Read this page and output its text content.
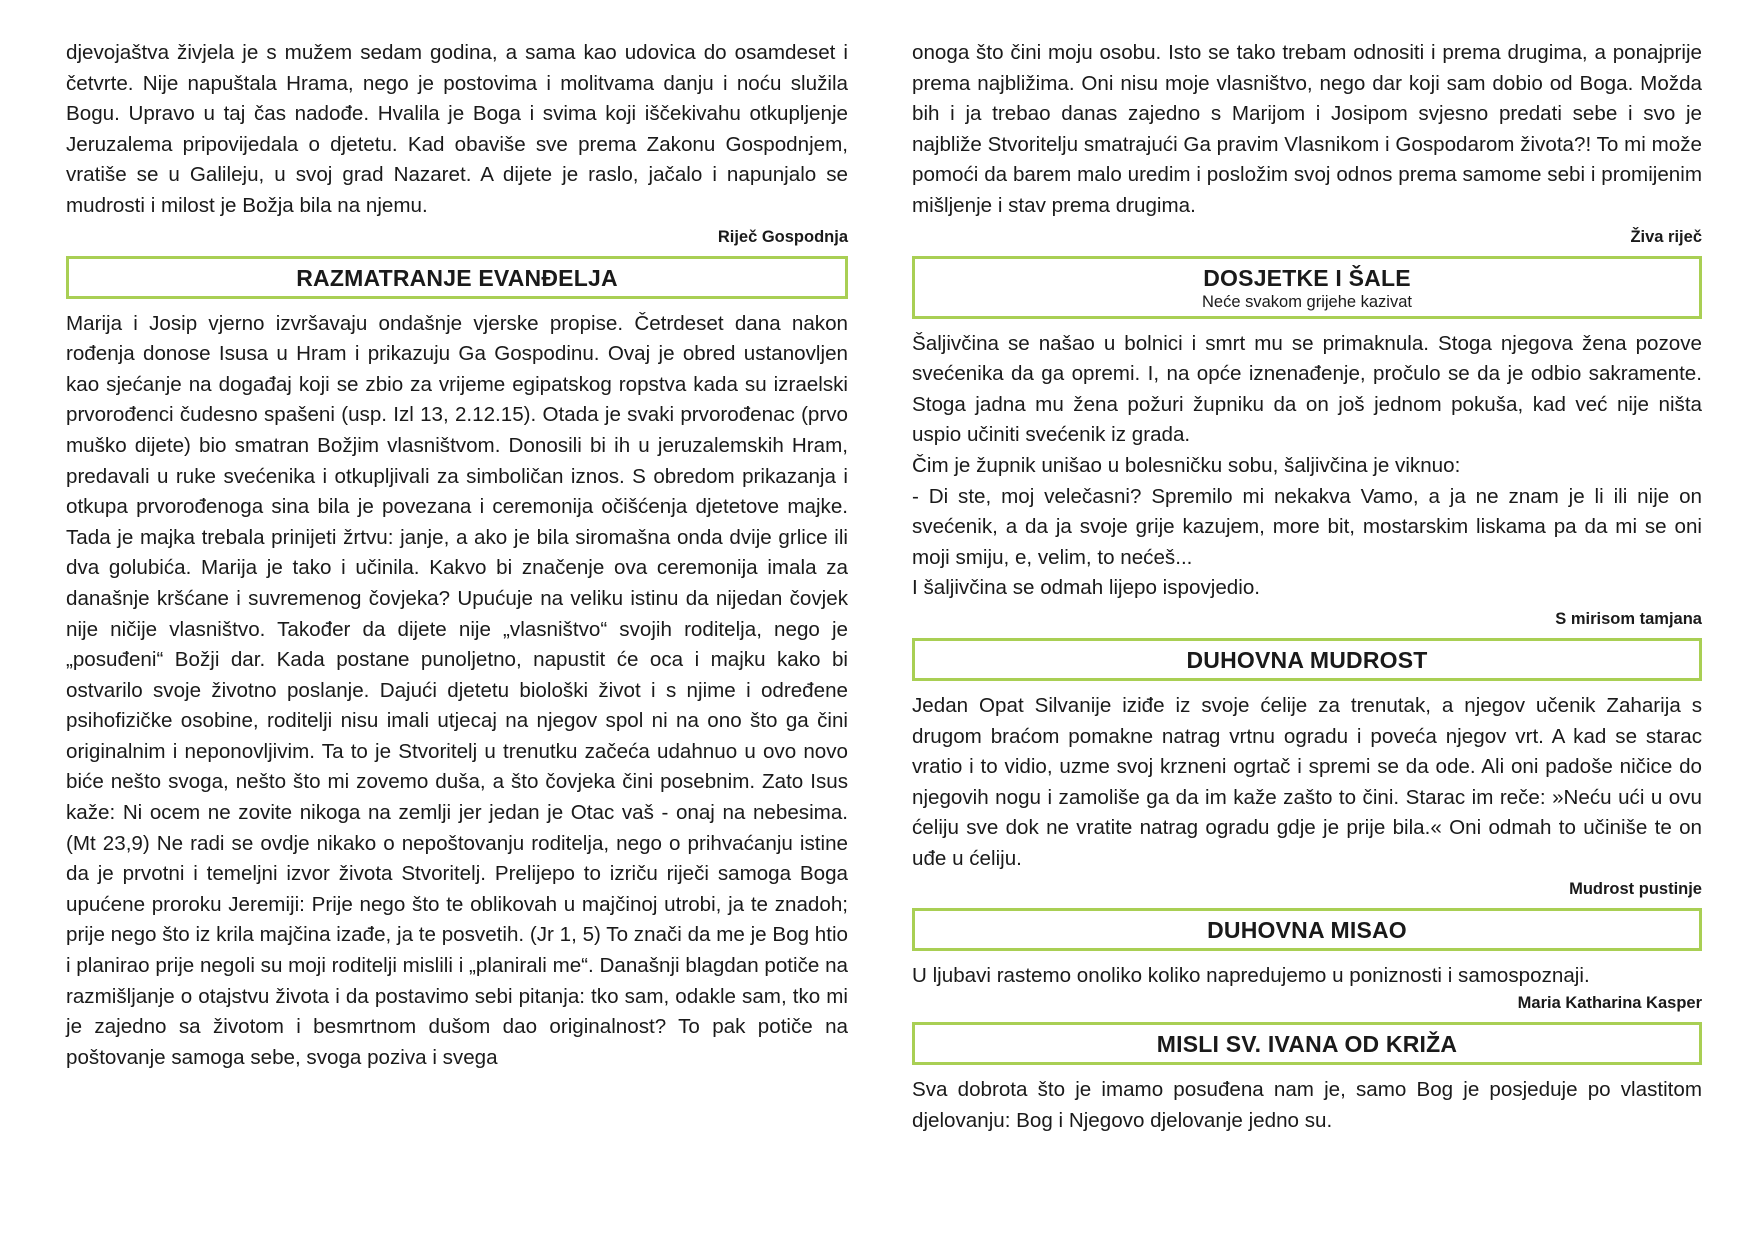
djevojaštva živjela je s mužem sedam godina, a sama kao udovica do osamdeset i četvrte. Nije napuštala Hrama, nego je postovima i molitvama danju i noću služila Bogu. Upravo u taj čas nadođe. Hvalila je Boga i svima koji iščekivahu otkupljenje Jeruzalema pripovijedala o djetetu. Kad obaviše sve prema Zakonu Gospodnjem, vratiše se u Galileju, u svoj grad Nazaret. A dijete je raslo, jačalo i napunjalo se mudrosti i milost je Božja bila na njemu.

Riječ Gospodnja
RAZMATRANJE EVANĐELJA

Marija i Josip vjerno izvršavaju ondašnje vjerske propise. Četrdeset dana nakon rođenja donose Isusa u Hram i prikazuju Ga Gospodinu. Ovaj je obred ustanovljen kao sjećanje na događaj koji se zbio za vrijeme egipatskog ropstva kada su izraelski prvorođenci čudesno spašeni (usp. Izl 13, 2.12.15). Otada je svaki prvorođenac (prvo muško dijete) bio smatran Božjim vlasništvom. Donosili bi ih u jeruzalemskih Hram, predavali u ruke svećenika i otkupljivali za simboličan iznos. S obredom prikazanja i otkupa prvorođenoga sina bila je povezana i ceremonija očišćenja djetetove majke. Tada je majka trebala prinijeti žrtvu: janje, a ako je bila siromašna onda dvije grlice ili dva golubića. Marija je tako i učinila. Kakvo bi značenje ova ceremonija imala za današnje kršćane i suvremenog čovjeka? Upućuje na veliku istinu da nijedan čovjek nije ničije vlasništvo. Također da dijete nije „vlasništvo“ svojih roditelja, nego je „posuđeni“ Božji dar. Kada postane punoljetno, napustit će oca i majku kako bi ostvarilo svoje životno poslanje. Dajući djetetu biološki život i s njime i određene psihofizičke osobine, roditelji nisu imali utjecaj na njegov spol ni na ono što ga čini originalnim i neponovljivim. Ta to je Stvoritelj u trenutku začeća udahnuo u ovo novo biće nešto svoga, nešto što mi zovemo duša, a što čovjeka čini posebnim. Zato Isus kaže: Ni ocem ne zovite nikoga na zemlji jer jedan je Otac vaš - onaj na nebesima. (Mt 23,9) Ne radi se ovdje nikako o nepoštovanju roditelja, nego o prihvaćanju istine da je prvotni i temeljni izvor života Stvoritelj. Prelijepo to izriču riječi samoga Boga upućene proroku Jeremiji: Prije nego što te oblikovah u majčinoj utrobi, ja te znadoh; prije nego što iz krila majčina izađe, ja te posvetih. (Jr 1, 5) To znači da me je Bog htio i planirao prije negoli su moji roditelji mislili i „planirali me“. Današnji blagdan potiče na razmišljanje o otajstvu života i da postavimo sebi pitanja: tko sam, odakle sam, tko mi je zajedno sa životom i besmrtnom dušom dao originalnost? To pak potiče na poštovanje samoga sebe, svoga poziva i svega

onoga što čini moju osobu. Isto se tako trebam odnositi i prema drugima, a ponajprije prema najbližima. Oni nisu moje vlasništvo, nego dar koji sam dobio od Boga. Možda bih i ja trebao danas zajedno s Marijom i Josipom svjesno predati sebe i svo je najbliže Stvoritelju smatrajući Ga pravim Vlasnikom i Gospodarom života?! To mi može pomoći da barem malo uredim i posložim svoj odnos prema samome sebi i promijenim mišljenje i stav prema drugima.

Živa riječ
DOSJETKE I ŠALE
Neće svakom grijehe kazivat

Šaljivčina se našao u bolnici i smrt mu se primaknula. Stoga njegova žena pozove svećenika da ga opremi. I, na opće iznenađenje, pročulo se da je odbio sakramente. Stoga jadna mu žena požuri župniku da on još jednom pokuša, kad već nije ništa uspio učiniti svećenik iz grada.

Čim je župnik unišao u bolesničku sobu, šaljivčina je viknuo:

- Di ste, moj velečasni? Spremilo mi nekakva Vamo, a ja ne znam je li ili nije on svećenik, a da ja svoje grije kazujem, more bit, mostarskim liskama pa da mi se oni moji smiju, e, velim, to nećeš...

I šaljivčina se odmah lijepo ispovjedio.

S mirisom tamjana
DUHOVNA MUDROST

Jedan Opat Silvanije iziđe iz svoje ćelije za trenutak, a njegov učenik Zaharija s drugom braćom pomakne natrag vrtnu ogradu i poveća njegov vrt. A kad se starac vratio i to vidio, uzme svoj krzneni ogrtač i spremi se da ode. Ali oni padoše ničice do njegovih nogu i zamoliše ga da im kaže zašto to čini. Starac im reče: »Neću ući u ovu ćeliju sve dok ne vratite natrag ogradu gdje je prije bila.« Oni odmah to učiniše te on uđe u ćeliju.

Mudrost pustinje
DUHOVNA MISAO

U ljubavi rastemo onoliko koliko napredujemo u poniznosti i samospoznaji.

Maria Katharina Kasper
MISLI SV. IVANA OD KRIŽA

Sva dobrota što je imamo posuđena nam je, samo Bog je posjeduje po vlastitom djelovanju: Bog i Njegovo djelovanje jedno su.
